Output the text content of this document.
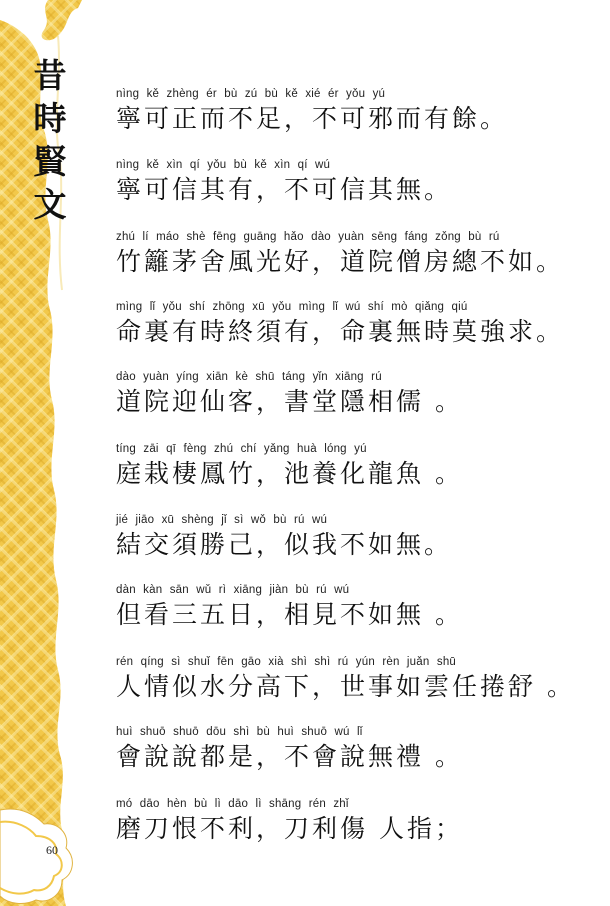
昔時賢文
60
nìng kě zhèng ér bù zú bù kě xié ér yǒu yú
寧可正而不足，不可邪而有餘。
nìng kě xìn qí yǒu bù kě xìn qí wú
寧可信其有，不可信其無。
zhú lí máo shè fēng guāng hǎo dào yuàn sēng fáng zǒng bù rú
竹籬茅舍風光好，道院僧房總不如。
mìng lǐ yǒu shí zhōng xū yǒu mìng lǐ wú shí mò qiǎng qiú
命裏有時終須有，命裏無時莫強求。
dào yuàn yíng xiān kè shū táng yǐn xiāng rú
道院迎仙客，書堂隱相儒 。
tíng zāi qī fèng zhú chí yǎng huà lóng yú
庭栽棲鳳竹，池養化龍魚 。
jié jiāo xū shèng jǐ sì wǒ bù rú wú
結交須勝己，似我不如無。
dàn kàn sān wǔ rì xiāng jiàn bù rú wú
但看三五日，相見不如無 。
rén qíng sì shuǐ fēn gāo xià shì shì rú yún rèn juǎn shū
人情似水分高下，世事如雲任捲舒 。
huì shuō shuō dōu shì bù huì shuō wú lǐ
會說說都是，不會說無禮 。
mó dāo hèn bù lì dāo lì shāng rén zhǐ
磨刀恨不利，刀利傷 人指；
